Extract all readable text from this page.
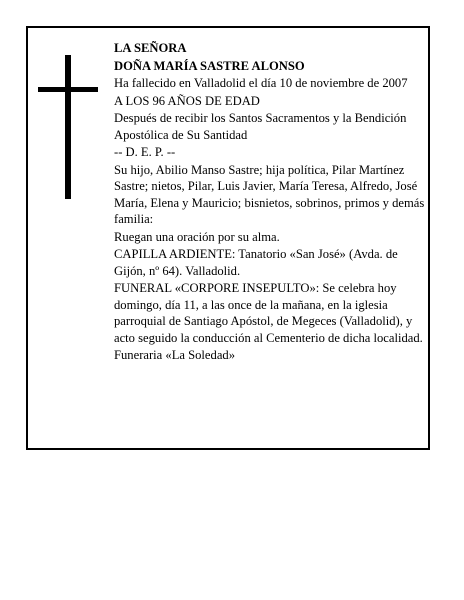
LA SEÑORA

DOÑA MARÍA SASTRE ALONSO

Ha fallecido en Valladolid el día 10 de noviembre de 2007

A LOS 96 AÑOS DE EDAD

Después de recibir los Santos Sacramentos y la Bendición Apostólica de Su Santidad

-- D. E. P. --

Su hijo, Abilio Manso Sastre; hija política, Pilar Martínez Sastre; nietos, Pilar, Luis Javier, María Teresa, Alfredo, José María, Elena y Mauricio; bisnietos, sobrinos, primos y demás familia:

Ruegan una oración por su alma.

CAPILLA ARDIENTE: Tanatorio «San José» (Avda. de Gijón, nº 64). Valladolid.

FUNERAL «CORPORE INSEPULTO»: Se celebra hoy domingo, día 11, a las once de la mañana, en la iglesia parroquial de Santiago Apóstol, de Megeces (Valladolid), y acto seguido la conducción al Cementerio de dicha localidad.

Funeraria «La Soledad»
